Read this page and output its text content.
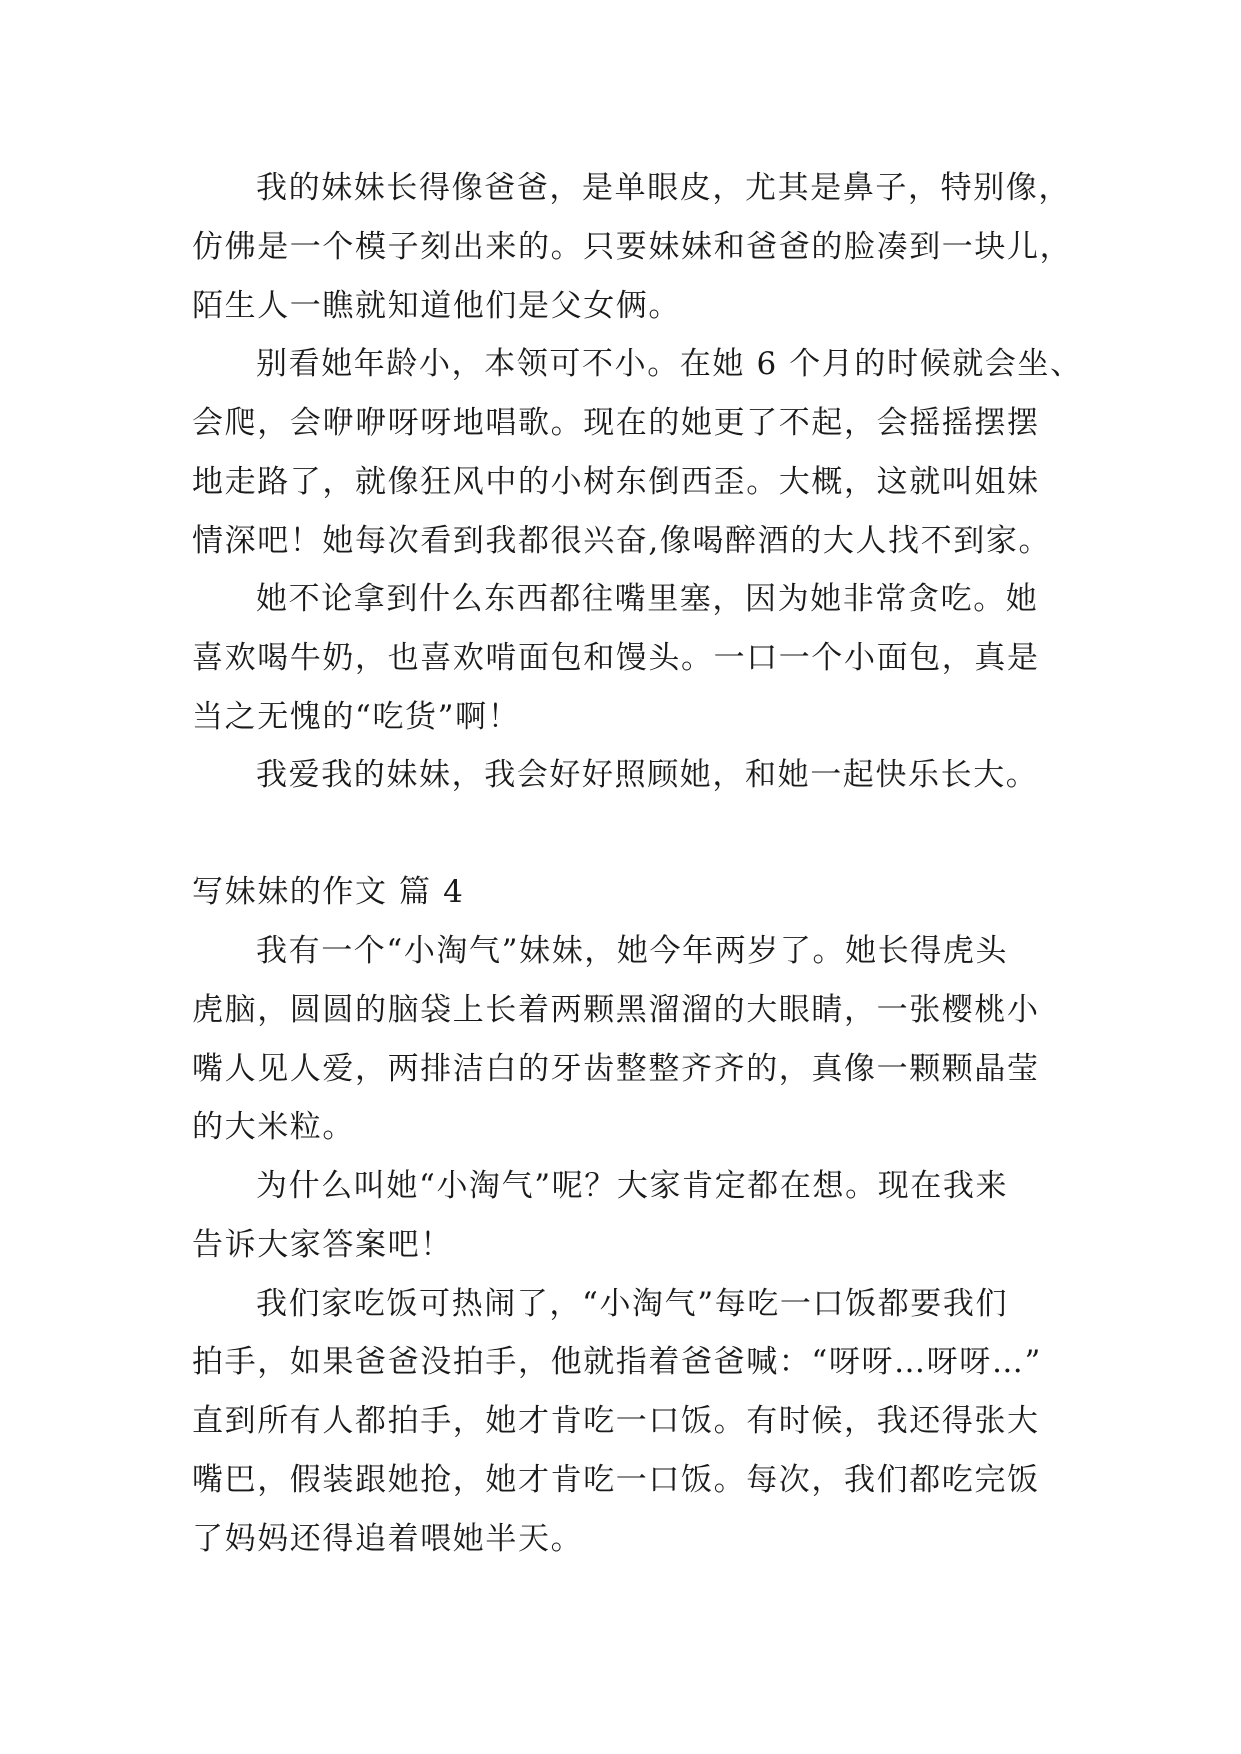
我的妹妹长得像爸爸，是单眼皮，尤其是鼻子，特别像，
仿佛是一个模子刻出来的。只要妹妹和爸爸的脸凑到一块儿，
陌生人一瞧就知道他们是父女俩。
别看她年龄小，本领可不小。在她 6 个月的时候就会坐、
会爬，会咿咿呀呀地唱歌。现在的她更了不起，会摇摇摆摆
地走路了，就像狂风中的小树东倒西歪。大概，这就叫姐妹
情深吧！她每次看到我都很兴奋,像喝醉酒的大人找不到家。
她不论拿到什么东西都往嘴里塞，因为她非常贪吃。她
喜欢喝牛奶，也喜欢啃面包和馒头。一口一个小面包，真是
当之无愧的“吃货”啊！
我爱我的妹妹，我会好好照顾她，和她一起快乐长大。
写妹妹的作文 篇 4
我有一个“小淘气”妹妹，她今年两岁了。她长得虎头
虎脑，圆圆的脑袋上长着两颗黑溜溜的大眼睛，一张樱桃小
嘴人见人爱，两排洁白的牙齿整整齐齐的，真像一颗颗晶莹
的大米粒。
为什么叫她“小淘气”呢？大家肯定都在想。现在我来
告诉大家答案吧！
我们家吃饭可热闹了，“小淘气”每吃一口饭都要我们
拍手，如果爸爸没拍手，他就指着爸爸喊：“呀呀…呀呀…”
直到所有人都拍手，她才肯吃一口饭。有时候，我还得张大
嘴巴，假装跟她抢，她才肯吃一口饭。每次，我们都吃完饭
了妈妈还得追着喂她半天。
